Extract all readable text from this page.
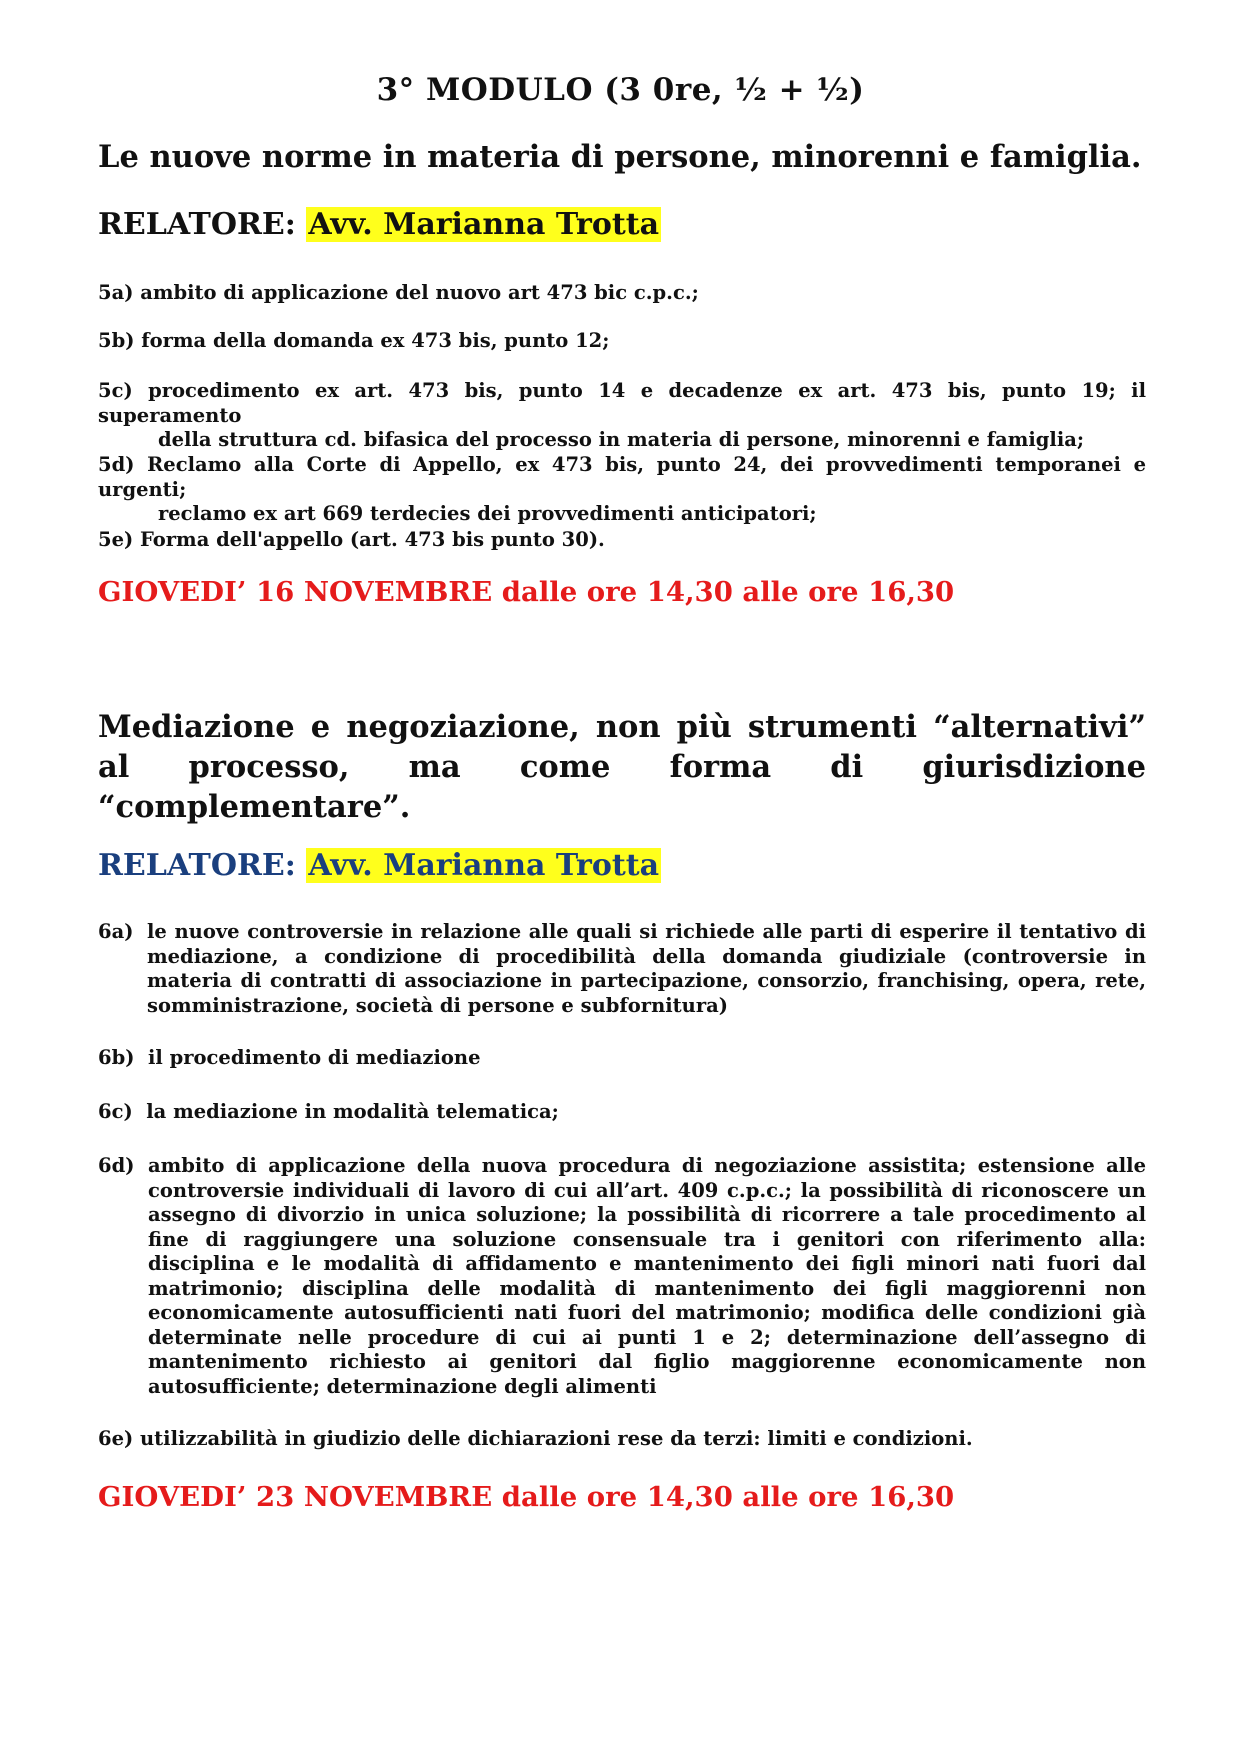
3° MODULO (3 0re, ½ + ½)
Le nuove norme in materia di persone, minorenni e famiglia.
RELATORE: Avv. Marianna Trotta

5a) ambito di applicazione del nuovo art 473 bic c.p.c.;

5b) forma della domanda ex 473 bis, punto 12;

5c) procedimento ex art. 473 bis, punto 14 e decadenze ex art. 473 bis, punto 19; il superamento
della struttura cd. bifasica del processo in materia di persone, minorenni e famiglia;

5d) Reclamo alla Corte di Appello, ex 473 bis, punto 24, dei provvedimenti temporanei e urgenti;
reclamo ex art 669 terdecies dei provvedimenti anticipatori;

5e) Forma dell'appello (art. 473 bis punto 30).

GIOVEDI’ 16 NOVEMBRE dalle ore 14,30 alle ore 16,30
Mediazione e negoziazione, non più strumenti “alternativi”
al processo, ma come forma di giurisdizione
“complementare”.
RELATORE: Avv. Marianna Trotta
6a) le nuove controversie in relazione alle quali si richiede alle parti di esperire il tentativo di mediazione, a condizione di procedibilità della domanda giudiziale (controversie in materia di contratti di associazione in partecipazione, consorzio, franchising, opera, rete, somministrazione, società di persone e subfornitura)
6b) il procedimento di mediazione
6c) la mediazione in modalità telematica;
6d) ambito di applicazione della nuova procedura di negoziazione assistita; estensione alle controversie individuali di lavoro di cui all’art. 409 c.p.c.; la possibilità di riconoscere un assegno di divorzio in unica soluzione; la possibilità di ricorrere a tale procedimento al fine di raggiungere una soluzione consensuale tra i genitori con riferimento alla: disciplina e le modalità di affidamento e mantenimento dei figli minori nati fuori dal matrimonio; disciplina delle modalità di mantenimento dei figli maggiorenni non economicamente autosufficienti nati fuori del matrimonio; modifica delle condizioni già determinate nelle procedure di cui ai punti 1 e 2; determinazione dell’assegno di mantenimento richiesto ai genitori dal figlio maggiorenne economicamente non autosufficiente; determinazione degli alimenti
6e) utilizzabilità in giudizio delle dichiarazioni rese da terzi: limiti e condizioni.
GIOVEDI’ 23 NOVEMBRE dalle ore 14,30 alle ore 16,30
